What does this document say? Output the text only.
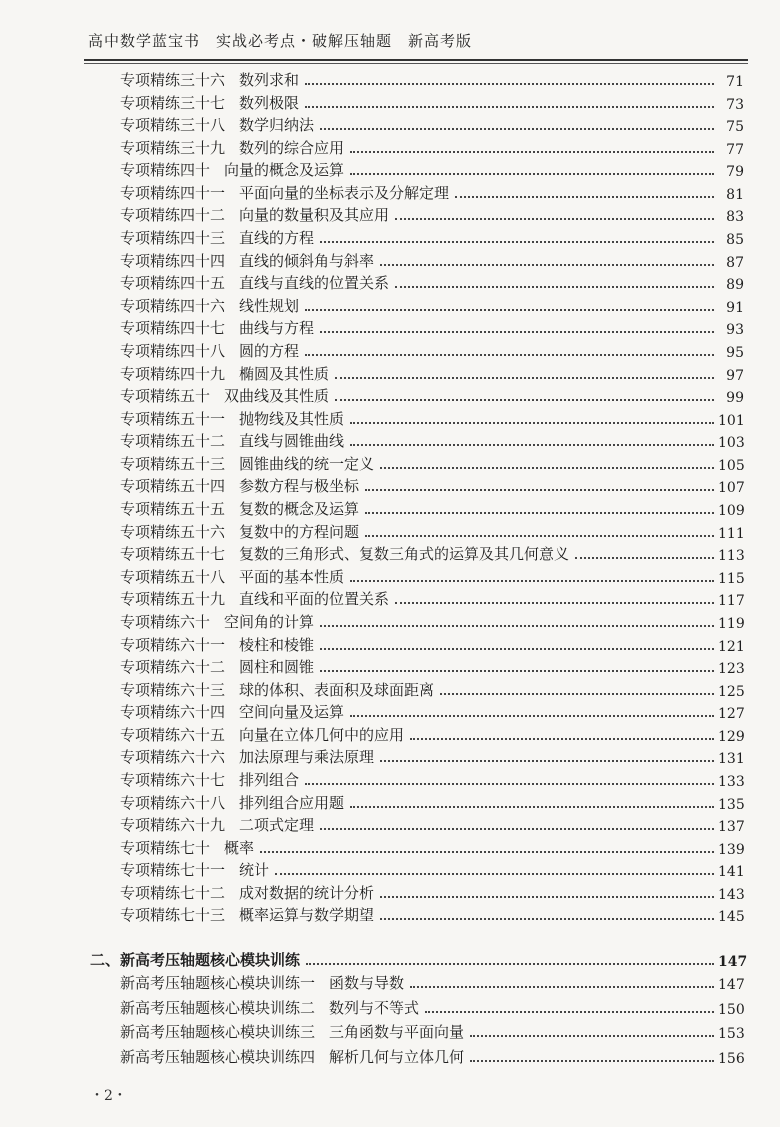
高中数学蓝宝书　实战必考点・破解压轴题　新高考版
专项精练三十六 数列求和	71
专项精练三十七 数列极限	73
专项精练三十八 数学归纳法	75
专项精练三十九 数列的综合应用	77
专项精练四十 向量的概念及运算	79
专项精练四十一 平面向量的坐标表示及分解定理	81
专项精练四十二 向量的数量积及其应用	83
专项精练四十三 直线的方程	85
专项精练四十四 直线的倾斜角与斜率	87
专项精练四十五 直线与直线的位置关系	89
专项精练四十六 线性规划	91
专项精练四十七 曲线与方程	93
专项精练四十八 圆的方程	95
专项精练四十九 椭圆及其性质	97
专项精练五十 双曲线及其性质	99
专项精练五十一 抛物线及其性质	101
专项精练五十二 直线与圆锥曲线	103
专项精练五十三 圆锥曲线的统一定义	105
专项精练五十四 参数方程与极坐标	107
专项精练五十五 复数的概念及运算	109
专项精练五十六 复数中的方程问题	111
专项精练五十七 复数的三角形式、复数三角式的运算及其几何意义	113
专项精练五十八 平面的基本性质	115
专项精练五十九 直线和平面的位置关系	117
专项精练六十 空间角的计算	119
专项精练六十一 棱柱和棱锥	121
专项精练六十二 圆柱和圆锥	123
专项精练六十三 球的体积、表面积及球面距离	125
专项精练六十四 空间向量及运算	127
专项精练六十五 向量在立体几何中的应用	129
专项精练六十六 加法原理与乘法原理	131
专项精练六十七 排列组合	133
专项精练六十八 排列组合应用题	135
专项精练六十九 二项式定理	137
专项精练七十 概率	139
专项精练七十一 统计	141
专项精练七十二 成对数据的统计分析	143
专项精练七十三 概率运算与数学期望	145
二、新高考压轴题核心模块训练	147
新高考压轴题核心模块训练一 函数与导数	147
新高考压轴题核心模块训练二 数列与不等式	150
新高考压轴题核心模块训练三 三角函数与平面向量	153
新高考压轴题核心模块训练四 解析几何与立体几何	156
・2・
